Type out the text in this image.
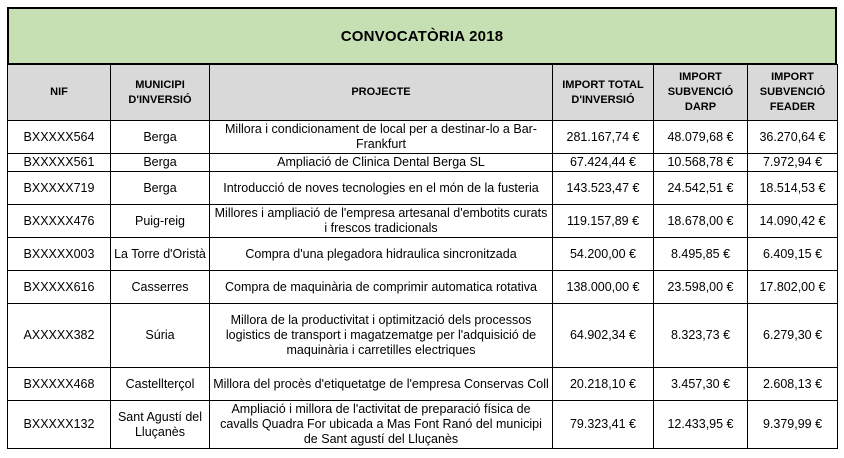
CONVOCATÒRIA 2018
NIF	MUNICIPI D'INVERSIÓ	PROJECTE	IMPORT TOTAL D'INVERSIÓ	IMPORT SUBVENCIÓ DARP	IMPORT SUBVENCIÓ FEADER
BXXXXX564	Berga	Millora i condicionament de local per a destinar-lo a Bar-Frankfurt	281.167,74 €	48.079,68 €	36.270,64 €
BXXXXX561	Berga	Ampliació de Clinica Dental Berga SL	67.424,44 €	10.568,78 €	7.972,94 €
BXXXXX719	Berga	Introducció de noves tecnologies en el món de la fusteria	143.523,47 €	24.542,51 €	18.514,53 €
BXXXXX476	Puig-reig	Millores i ampliació de l'empresa artesanal d'embotits curats i frescos tradicionals	119.157,89 €	18.678,00 €	14.090,42 €
BXXXXX003	La Torre d'Oristà	Compra d'una plegadora hidraulica sincronitzada	54.200,00 €	8.495,85 €	6.409,15 €
BXXXXX616	Casserres	Compra de maquinària de comprimir automatica rotativa	138.000,00 €	23.598,00 €	17.802,00 €
AXXXXX382	Súria	Millora de la productivitat i optimització dels processos logistics de transport i magatzematge per l'adquisició de maquinària i carretilles electriques	64.902,34 €	8.323,73 €	6.279,30 €
BXXXXX468	Castellterçol	Millora del procès d'etiquetatge de l'empresa Conservas Coll	20.218,10 €	3.457,30 €	2.608,13 €
BXXXXX132	Sant Agustí del Lluçanès	Ampliació i millora de l'activitat de preparació física de cavalls Quadra For ubicada a Mas Font Ranó del municipi de Sant agustí del Lluçanès	79.323,41 €	12.433,95 €	9.379,99 €
